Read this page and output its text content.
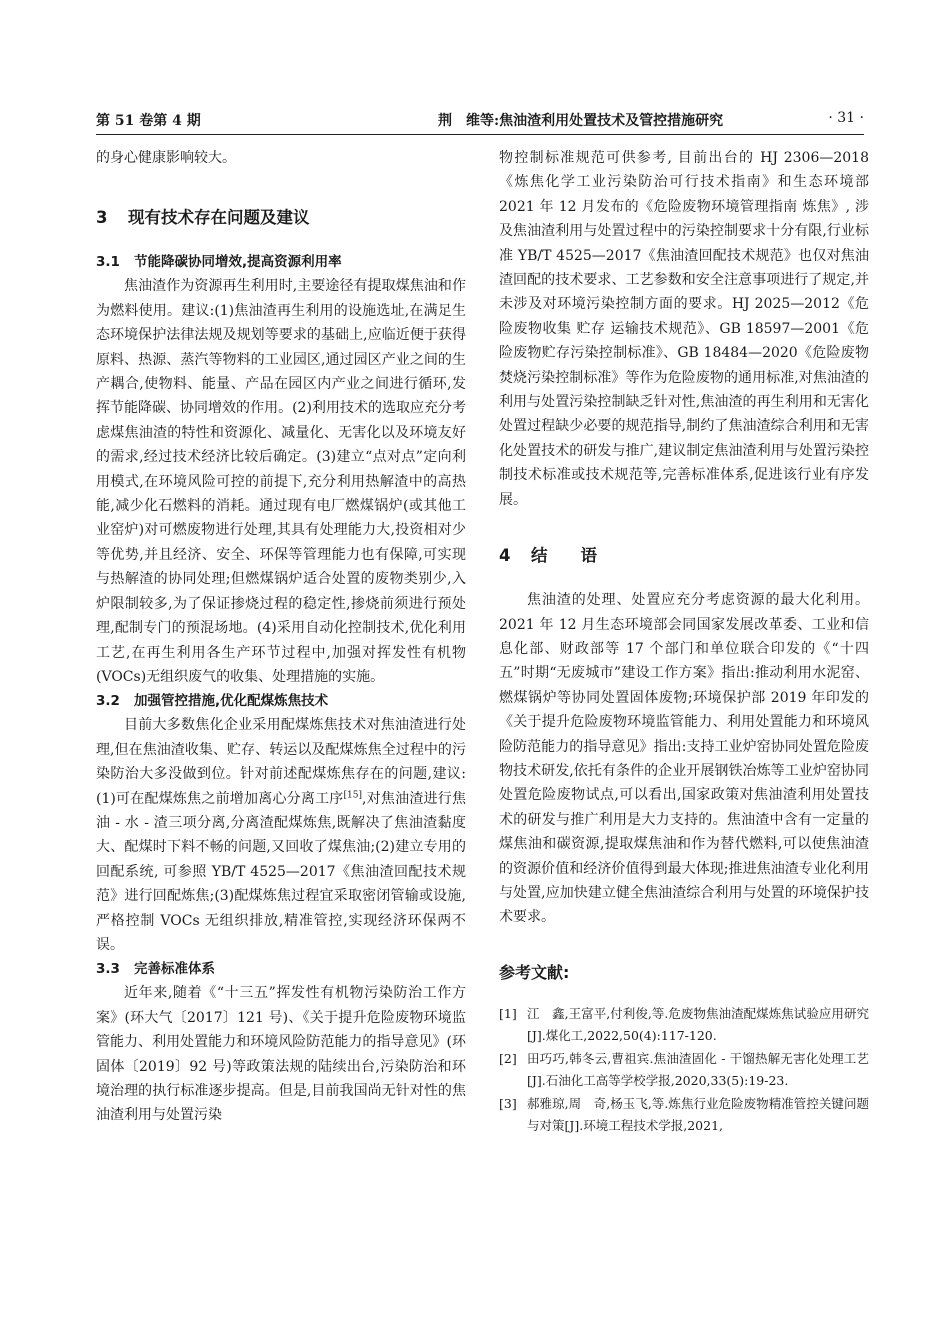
第 51 卷第 4 期	荆　维等:焦油渣利用处置技术及管控措施研究	· 31 ·

的身心健康影响较大。

3 现有技术存在问题及建议
3.1 节能降碳协同增效,提高资源利用率

焦油渣作为资源再生利用时,主要途径有提取煤焦油和作为燃料使用。建议:(1)焦油渣再生利用的设施选址,在满足生态环境保护法律法规及规划等要求的基础上,应临近便于获得原料、热源、蒸汽等物料的工业园区,通过园区产业之间的生产耦合,使物料、能量、产品在园区内产业之间进行循环,发挥节能降碳、协同增效的作用。(2)利用技术的选取应充分考虑煤焦油渣的特性和资源化、减量化、无害化以及环境友好的需求,经过技术经济比较后确定。(3)建立“点对点”定向利用模式,在环境风险可控的前提下,充分利用热解渣中的高热能,减少化石燃料的消耗。通过现有电厂燃煤锅炉(或其他工业窑炉)对可燃废物进行处理,其具有处理能力大,投资相对少等优势,并且经济、安全、环保等管理能力也有保障,可实现与热解渣的协同处理;但燃煤锅炉适合处置的废物类别少,入炉限制较多,为了保证掺烧过程的稳定性,掺烧前须进行预处理,配制专门的预混场地。(4)采用自动化控制技术,优化利用工艺,在再生利用各生产环节过程中,加强对挥发性有机物(VOCs)无组织废气的收集、处理措施的实施。

3.2 加强管控措施,优化配煤炼焦技术

目前大多数焦化企业采用配煤炼焦技术对焦油渣进行处理,但在焦油渣收集、贮存、转运以及配煤炼焦全过程中的污染防治大多没做到位。针对前述配煤炼焦存在的问题,建议:(1)可在配煤炼焦之前增加离心分离工序[15],对焦油渣进行焦油 - 水 - 渣三项分离,分离渣配煤炼焦,既解决了焦油渣黏度大、配煤时下料不畅的问题,又回收了煤焦油;(2)建立专用的回配系统, 可参照 YB/T 4525—2017《焦油渣回配技术规范》进行回配炼焦;(3)配煤炼焦过程宜采取密闭管输或设施,严格控制 VOCs 无组织排放,精准管控,实现经济环保两不误。

3.3 完善标准体系

近年来,随着《“十三五”挥发性有机物污染防治工作方案》(环大气〔2017〕121 号)、《关于提升危险废物环境监管能力、利用处置能力和环境风险防范能力的指导意见》(环固体〔2019〕92 号)等政策法规的陆续出台,污染防治和环境治理的执行标准逐步提高。但是,目前我国尚无针对性的焦油渣利用与处置污染

物控制标准规范可供参考, 目前出台的 HJ 2306—2018《炼焦化学工业污染防治可行技术指南》和生态环境部 2021 年 12 月发布的《危险废物环境管理指南 炼焦》, 涉及焦油渣利用与处置过程中的污染控制要求十分有限,行业标准 YB/T 4525—2017《焦油渣回配技术规范》也仅对焦油渣回配的技术要求、工艺参数和安全注意事项进行了规定,并未涉及对环境污染控制方面的要求。HJ 2025—2012《危险废物收集 贮存 运输技术规范》、GB 18597—2001《危险废物贮存污染控制标准》、GB 18484—2020《危险废物焚烧污染控制标准》等作为危险废物的通用标准,对焦油渣的利用与处置污染控制缺乏针对性,焦油渣的再生利用和无害化处置过程缺少必要的规范指导,制约了焦油渣综合利用和无害化处置技术的研发与推广,建议制定焦油渣利用与处置污染控制技术标准或技术规范等,完善标准体系,促进该行业有序发展。

4 结　　语

焦油渣的处理、处置应充分考虑资源的最大化利用。2021 年 12 月生态环境部会同国家发展改革委、工业和信息化部、财政部等 17 个部门和单位联合印发的《“十四五”时期“无废城市”建设工作方案》指出:推动利用水泥窑、燃煤锅炉等协同处置固体废物;环境保护部 2019 年印发的《关于提升危险废物环境监管能力、利用处置能力和环境风险防范能力的指导意见》指出:支持工业炉窑协同处置危险废物技术研发,依托有条件的企业开展钢铁冶炼等工业炉窑协同处置危险废物试点,可以看出,国家政策对焦油渣利用处置技术的研发与推广利用是大力支持的。焦油渣中含有一定量的煤焦油和碳资源,提取煤焦油和作为替代燃料,可以使焦油渣的资源价值和经济价值得到最大体现;推进焦油渣专业化利用与处置,应加快建立健全焦油渣综合利用与处置的环境保护技术要求。

参考文献:
[1] 江　鑫,王富平,付利俊,等.危废物焦油渣配煤炼焦试验应用研究[J].煤化工,2022,50(4):117-120.
[2] 田巧巧,韩冬云,曹祖宾.焦油渣固化 - 干馏热解无害化处理工艺[J].石油化工高等学校学报,2020,33(5):19-23.
[3] 郝雅琼,周　奇,杨玉飞,等.炼焦行业危险废物精准管控关键问题与对策[J].环境工程技术学报,2021,
